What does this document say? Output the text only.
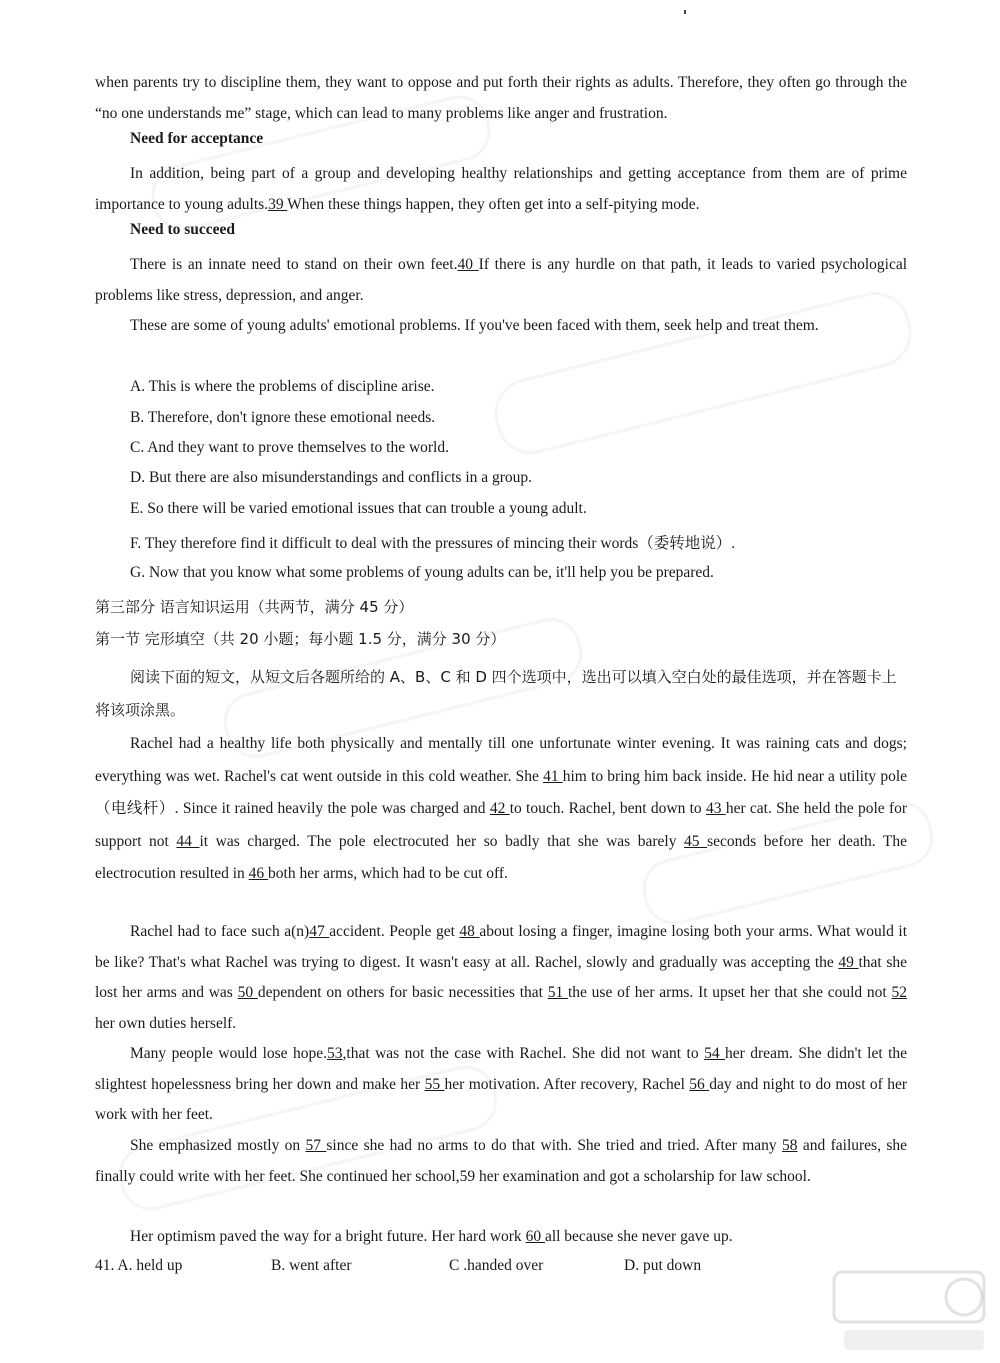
when parents try to discipline them, they want to oppose and put forth their rights as adults. Therefore, they often go through the “no one understands me” stage, which can lead to many problems like anger and frustration.

Need for acceptance

In addition, being part of a group and developing healthy relationships and getting acceptance from them are of prime importance to young adults.39 When these things happen, they often get into a self-pitying mode.

Need to succeed

There is an innate need to stand on their own feet.40 If there is any hurdle on that path, it leads to varied psychological problems like stress, depression, and anger.

These are some of young adults' emotional problems. If you've been faced with them, seek help and treat them.

A. This is where the problems of discipline arise.

B. Therefore, don't ignore these emotional needs.

C. And they want to prove themselves to the world.

D. But there are also misunderstandings and conflicts in a group.

E. So there will be varied emotional issues that can trouble a young adult.

F. They therefore find it difficult to deal with the pressures of mincing their words（委转地说）.

G. Now that you know what some problems of young adults can be, it'll help you be prepared.

第三部分 语言知识运用（共两节，满分 45 分）

第一节 完形填空（共 20 小题；每小题 1.5 分，满分 30 分）

阅读下面的短文，从短文后各题所给的 A、B、C 和 D 四个选项中，选出可以填入空白处的最佳选项，并在答题卡上将该项涂黑。

Rachel had a healthy life both physically and mentally till one unfortunate winter evening. It was raining cats and dogs; everything was wet. Rachel's cat went outside in this cold weather. She 41 him to bring him back inside. He hid near a utility pole （电线杆）. Since it rained heavily the pole was charged and 42 to touch. Rachel, bent down to 43 her cat. She held the pole for support not 44 it was charged. The pole electrocuted her so badly that she was barely 45 seconds before her death. The electrocution resulted in 46 both her arms, which had to be cut off.

Rachel had to face such a(n)47 accident. People get 48 about losing a finger, imagine losing both your arms. What would it be like? That's what Rachel was trying to digest. It wasn't easy at all. Rachel, slowly and gradually was accepting the 49 that she lost her arms and was 50 dependent on others for basic necessities that 51 the use of her arms. It upset her that she could not 52 her own duties herself.

Many people would lose hope.53,that was not the case with Rachel. She did not want to 54 her dream. She didn't let the slightest hopelessness bring her down and make her 55 her motivation. After recovery, Rachel 56 day and night to do most of her work with her feet.

She emphasized mostly on 57 since she had no arms to do that with. She tried and tried. After many 58 and failures, she finally could write with her feet. She continued her school,59 her examination and got a scholarship for law school.

Her optimism paved the way for a bright future. Her hard work 60 all because she never gave up.

41. A. held up	B. went after	C .handed over	D. put down
